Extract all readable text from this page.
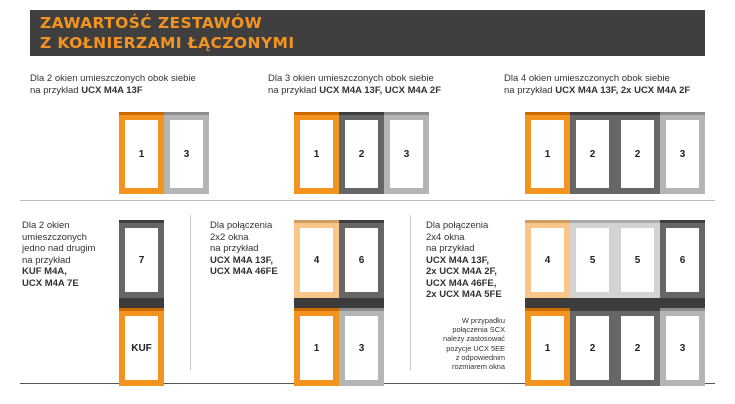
ZAWARTOŚĆ ZESTAWÓW
Z KOŁNIERZAMI ŁĄCZONYMI
Dla 2 okien umieszczonych obok siebie
na przykład UCX M4A 13F
Dla 3 okien umieszczonych obok siebie
na przykład UCX M4A 13F, UCX M4A 2F
Dla 4 okien umieszczonych obok siebie
na przykład UCX M4A 13F, 2x UCX M4A 2F
Dla 2 okien
umieszczonych
jedno nad drugim
na przykład
KUF M4A,
UCX M4A 7E
Dla połączenia
2x2 okna
na przykład
UCX M4A 13F,
UCX M4A 46FE
Dla połączenia
2x4 okna
na przykład
UCX M4A 13F,
2x UCX M4A 2F,
UCX M4A 46FE,
2x UCX M4A 5FE
W przypadku
połączenia SCX
należy zastosować
pozycje UCX 5EE
z odpowiednim
rozmiarem okna
1	3	1	2	3	1	2	2	3
7
KUF
4	6
1	3
4	5	5	6
1	2	2	3
